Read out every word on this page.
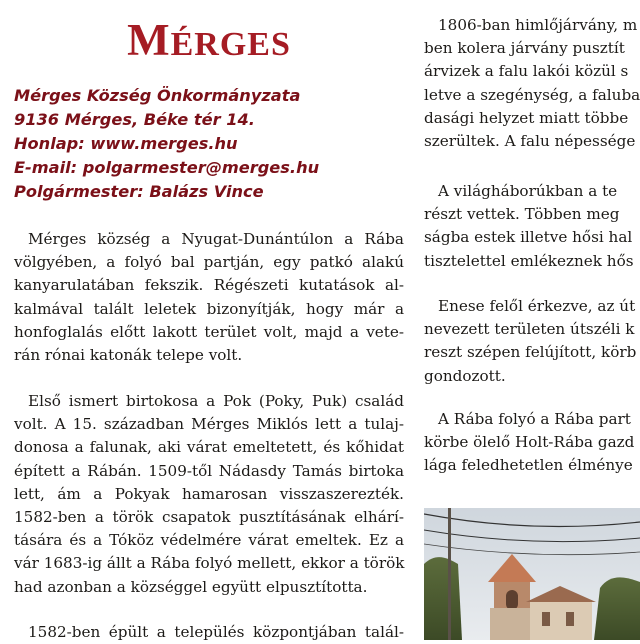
MÉRGES
Mérges Község Önkormányzata
9136 Mérges, Béke tér 14.
Honlap: www.merges.hu
E-mail: polgarmester@merges.hu
Polgármester: Balázs Vince

Mérges község a Nyugat-Dunántúlon a Rába
völgyében, a folyó bal partján, egy patkó alakú
kanyarulatában fekszik. Régészeti kutatások al-
kalmával talált leletek bizonyítják, hogy már a
honfoglalás előtt lakott terület volt, majd a vete-
rán rónai katonák telepe volt.

Első ismert birtokosa a Pok (Poky, Puk) család
volt. A 15. században Mérges Miklós lett a tulaj-
donosa a falunak, aki várat emeltetett, és kőhidat
épített a Rábán. 1509-től Nádasdy Tamás birtoka
lett, ám a Pokyak hamarosan visszaszerezték.
1582-ben a török csapatok pusztításának elhárí-
tására és a Tóköz védelmére várat emeltek. Ez a
vár 1683-ig állt a Rába folyó mellett, ekkor a török
had azonban a községgel együtt elpusztította.

1582-ben épült a település központjában talál-

1806-ban himlőjárvány, m
ben kolera járvány pusztít
árvizek a falu lakói közül s
letve a szegénység, a faluba
dasági helyzet miatt többe
szerültek. A falu népessége

A világháborúkban a te
részt vettek. Többen meg
ságba estek illetve hősi hal
tisztelettel emlékeznek hős

Enese felől érkezve, az út
nevezett területen útszéli k
reszt szépen felújított, körb
gondozott.

A Rába folyó a Rába part
körbe ölelő Holt-Rába gazd
lága feledhetetlen élménye
